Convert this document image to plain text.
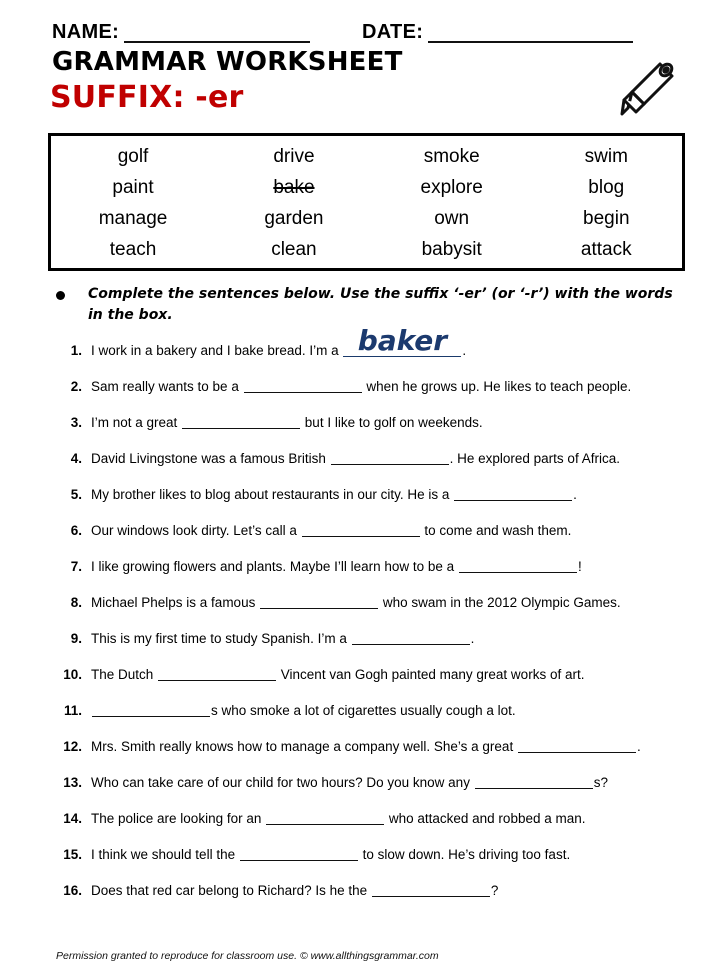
NAME:	DATE:
GRAMMAR WORKSHEET
SUFFIX: -er
golf	drive	smoke	swim
paint	bake	explore	blog
manage	garden	own	begin
teach	clean	babysit	attack
Complete the sentences below. Use the suffix ‘-er’ (or ‘-r’) with the words in the box.
1. I work in a bakery and I bake bread. I’m a baker .
2. Sam really wants to be a	when he grows up. He likes to teach people.
3. I’m not a great	but I like to golf on weekends.
4. David Livingstone was a famous British	. He explored parts of Africa.
5. My brother likes to blog about restaurants in our city. He is a	.
6. Our windows look dirty. Let’s call a	to come and wash them.
7. I like growing flowers and plants. Maybe I’ll learn how to be a	!
8. Michael Phelps is a famous	who swam in the 2012 Olympic Games.
9. This is my first time to study Spanish. I’m a	.
10. The Dutch	Vincent van Gogh painted many great works of art.
11.	s who smoke a lot of cigarettes usually cough a lot.
12. Mrs. Smith really knows how to manage a company well. She’s a great	.
13. Who can take care of our child for two hours? Do you know any	s?
14. The police are looking for an	who attacked and robbed a man.
15. I think we should tell the	to slow down. He’s driving too fast.
16. Does that red car belong to Richard? Is he the	?
Permission granted to reproduce for classroom use. © www.allthingsgrammar.com
